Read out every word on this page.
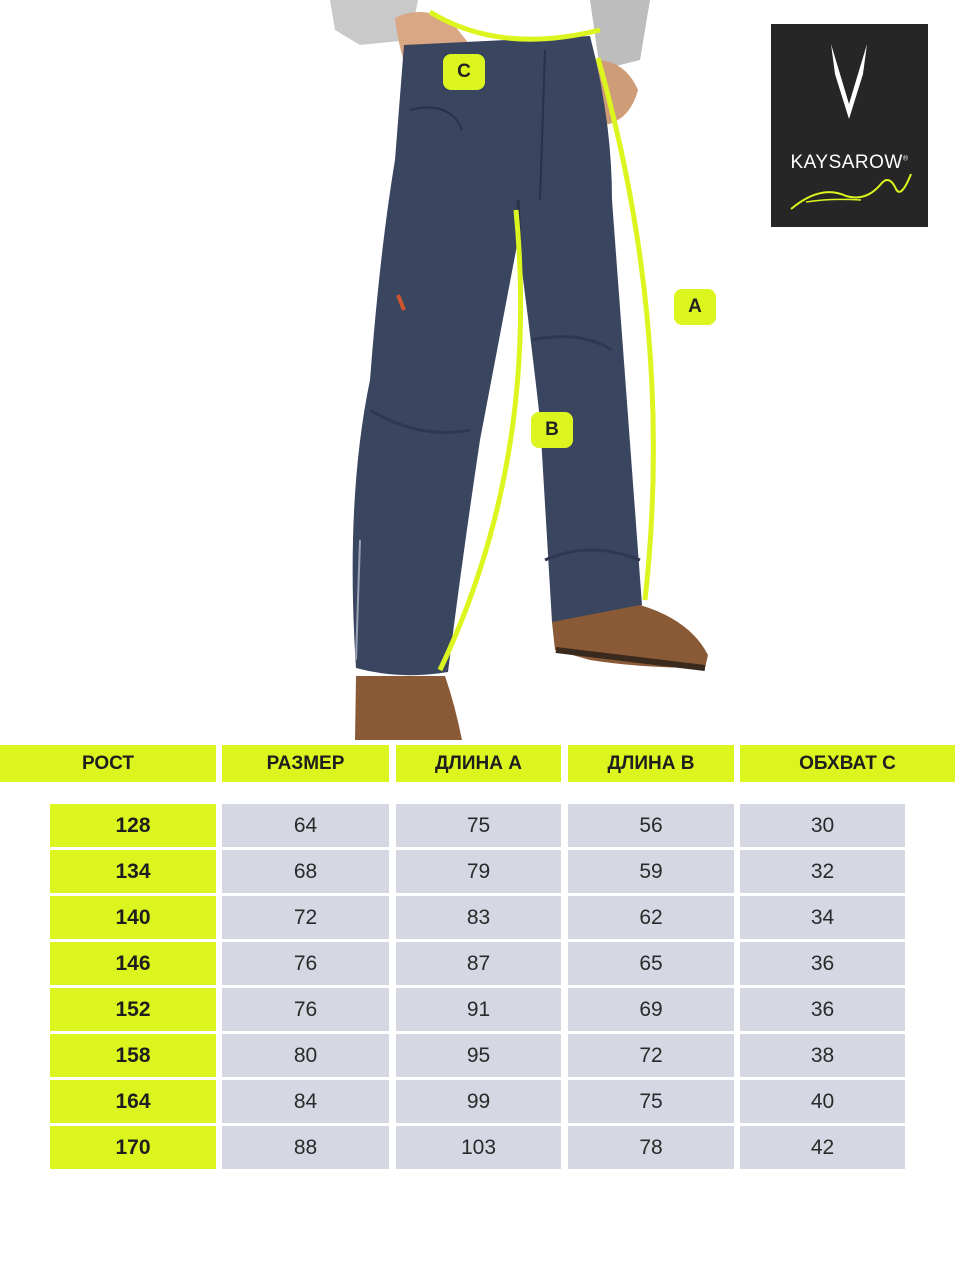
C
A
B
KAYSAROW®
РОСТ	РАЗМЕР	ДЛИНА А	ДЛИНА В	ОБХВАТ С
128	64	75	56	30
134	68	79	59	32
140	72	83	62	34
146	76	87	65	36
152	76	91	69	36
158	80	95	72	38
164	84	99	75	40
170	88	103	78	42
